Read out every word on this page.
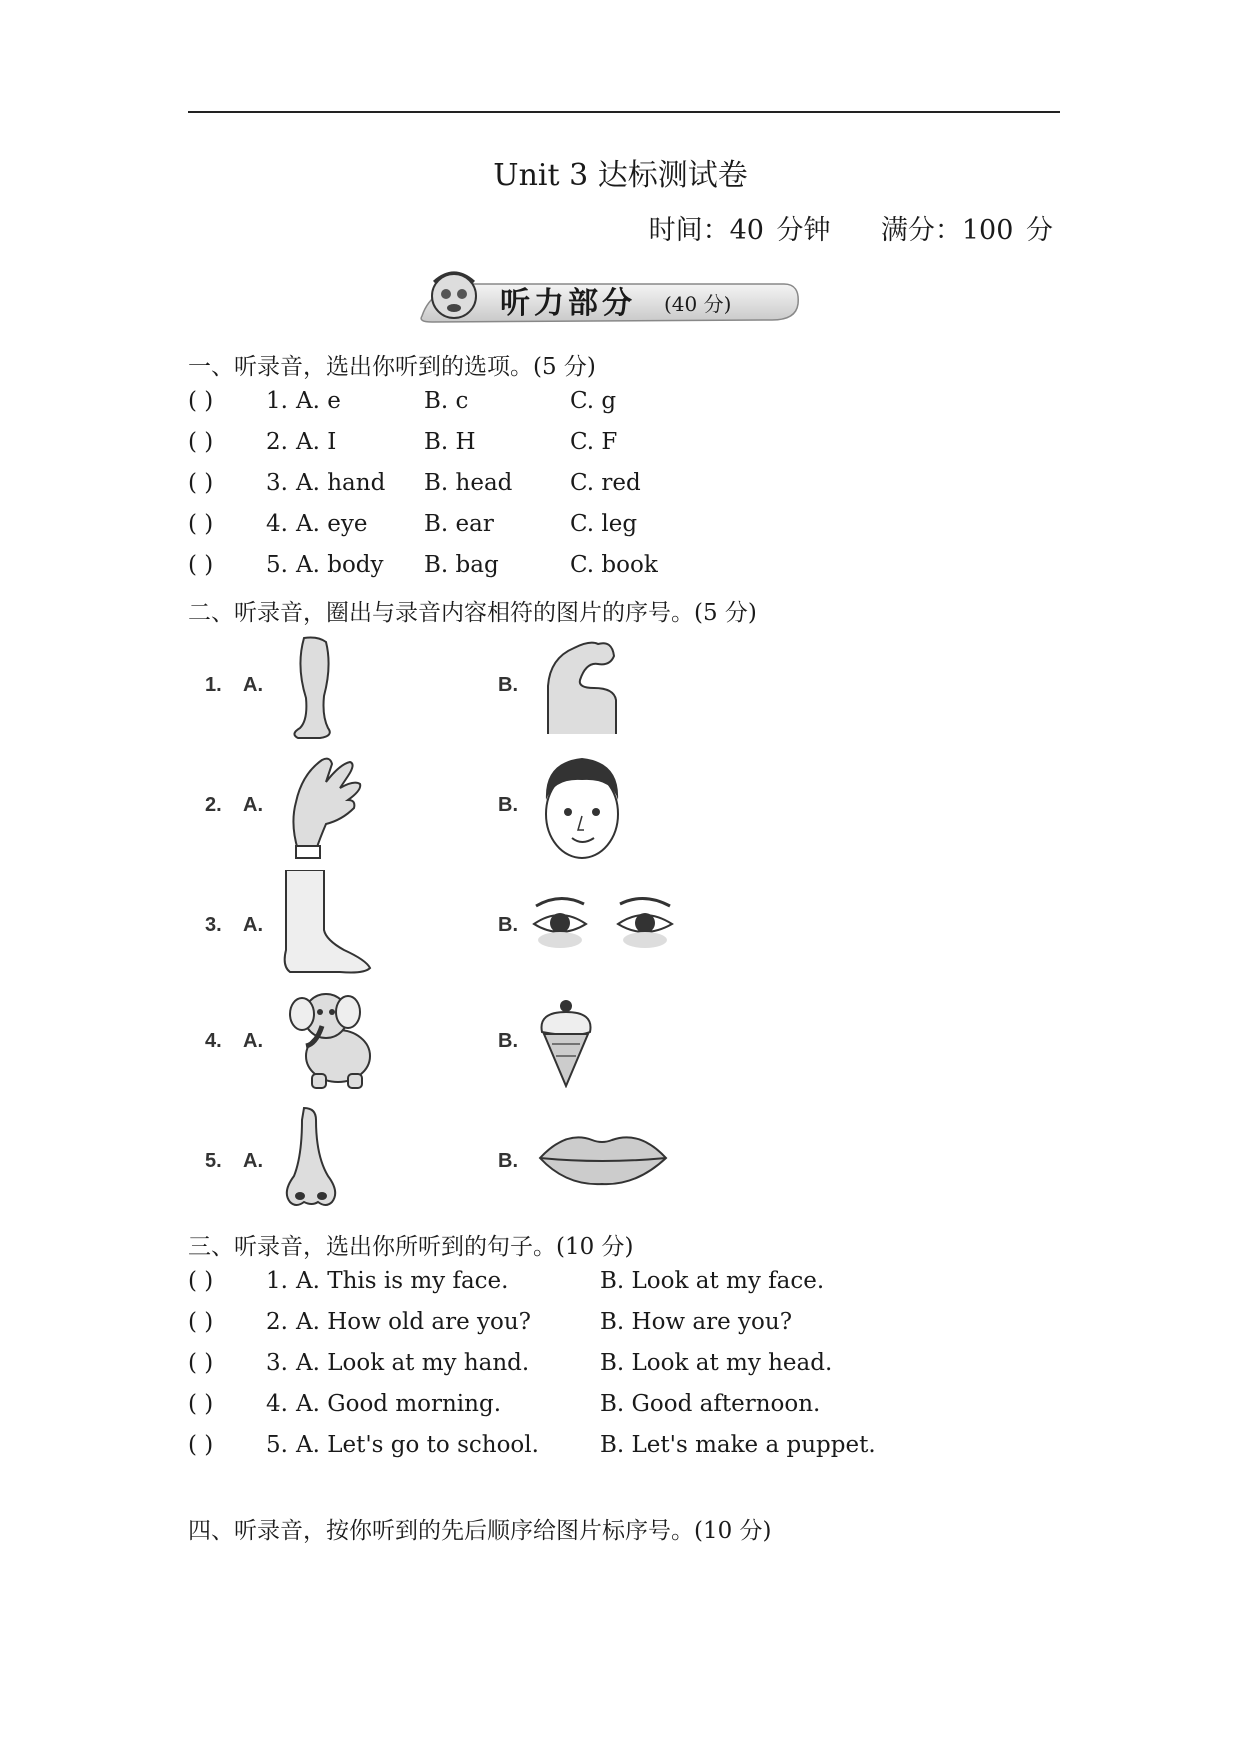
Unit 3 达标测试卷
时间：40 分钟 满分：100 分
听力部分 (40 分)
一、听录音，选出你听到的选项。(5 分)
( ) 1. A. e	B. c	C. g
( ) 2. A. I	B. H	C. F
( ) 3. A. hand B. head	C. red
( ) 4. A. eye B. ear	C. leg
( ) 5. A. body B. bag	C. book
二、听录音，圈出与录音内容相符的图片的序号。(5 分)
1. A.	B.
2. A.	B.
3. A.	B.
4. A.	B.
5. A.	B.
三、听录音，选出你所听到的句子。(10 分)
( ) 1. A. This is my face.	B. Look at my face.
( ) 2. A. How old are you?	B. How are you?
( ) 3. A. Look at my hand.	B. Look at my head.
( ) 4. A. Good morning.	B. Good afternoon.
( ) 5. A. Let's go to school.	B. Let's make a puppet.
四、听录音，按你听到的先后顺序给图片标序号。(10 分)
